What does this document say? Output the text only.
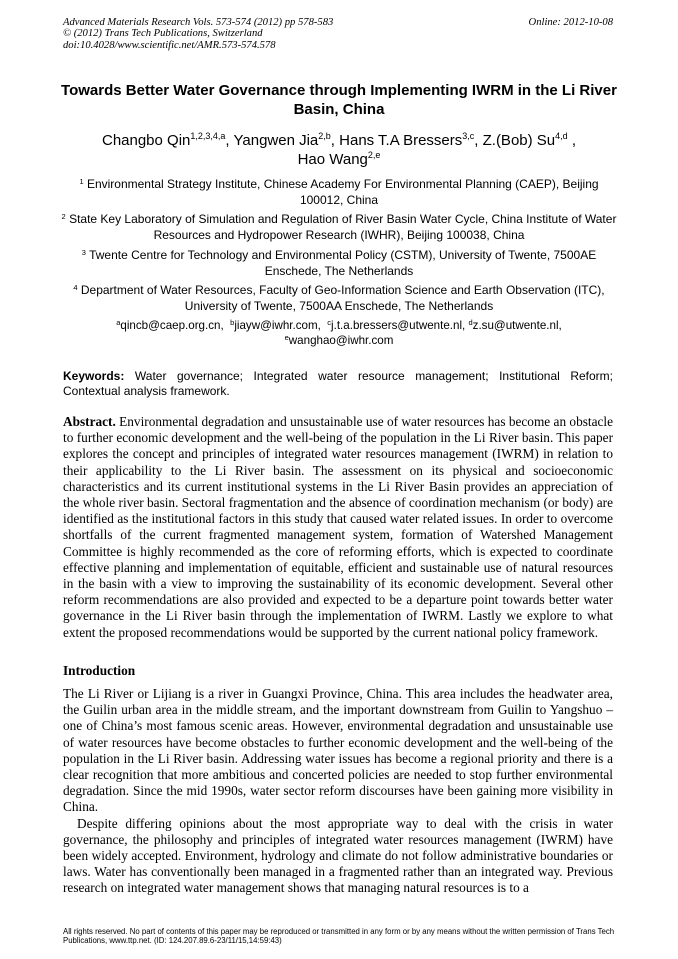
Advanced Materials Research Vols. 573-574 (2012) pp 578-583
© (2012) Trans Tech Publications, Switzerland
doi:10.4028/www.scientific.net/AMR.573-574.578
Online: 2012-10-08
Towards Better Water Governance through Implementing IWRM in the Li River Basin, China
Changbo Qin$^{1,2,3,4,a}$, Yangwen Jia$^{2,b}$, Hans T.A Bressers$^{3,c}$, Z.(Bob) Su$^{4,d}$ ,
Hao Wang$^{2,e}$
$^1$ Environmental Strategy Institute, Chinese Academy For Environmental Planning (CAEP), Beijing 100012, China
$^2$ State Key Laboratory of Simulation and Regulation of River Basin Water Cycle, China Institute of Water Resources and Hydropower Research (IWHR), Beijing 100038, China
$^3$ Twente Centre for Technology and Environmental Policy (CSTM), University of Twente, 7500AE Enschede, The Netherlands
$^4$ Department of Water Resources, Faculty of Geo-Information Science and Earth Observation (ITC), University of Twente, 7500AA Enschede, The Netherlands
$^a$qincb@caep.org.cn, $^b$jiayw@iwhr.com, $^c$j.t.a.bressers@utwente.nl, $^d$z.su@utwente.nl,
$^e$wanghao@iwhr.com
Keywords: Water governance; Integrated water resource management; Institutional Reform; Contextual analysis framework.
Abstract. Environmental degradation and unsustainable use of water resources has become an obstacle to further economic development and the well-being of the population in the Li River basin. This paper explores the concept and principles of integrated water resources management (IWRM) in relation to their applicability to the Li River basin. The assessment on its physical and socioeconomic characteristics and its current institutional systems in the Li River Basin provides an appreciation of the whole river basin. Sectoral fragmentation and the absence of coordination mechanism (or body) are identified as the institutional factors in this study that caused water related issues. In order to overcome shortfalls of the current fragmented management system, formation of Watershed Management Committee is highly recommended as the core of reforming efforts, which is expected to coordinate effective planning and implementation of equitable, efficient and sustainable use of natural resources in the basin with a view to improving the sustainability of its economic development. Several other reform recommendations are also provided and expected to be a departure point towards better water governance in the Li River basin through the implementation of IWRM. Lastly we explore to what extent the proposed recommendations would be supported by the current national policy framework.
Introduction

The Li River or Lijiang is a river in Guangxi Province, China. This area includes the headwater area, the Guilin urban area in the middle stream, and the important downstream from Guilin to Yangshuo – one of China’s most famous scenic areas. However, environmental degradation and unsustainable use of water resources have become obstacles to further economic development and the well-being of the population in the Li River basin. Addressing water issues has become a regional priority and there is a clear recognition that more ambitious and concerted policies are needed to stop further environmental degradation. Since the mid 1990s, water sector reform discourses have been gaining more visibility in China.

Despite differing opinions about the most appropriate way to deal with the crisis in water governance, the philosophy and principles of integrated water resources management (IWRM) have been widely accepted. Environment, hydrology and climate do not follow administrative boundaries or laws. Water has conventionally been managed in a fragmented rather than an integrated way. Previous research on integrated water management shows that managing natural resources is to a

All rights reserved. No part of contents of this paper may be reproduced or transmitted in any form or by any means without the written permission of Trans Tech Publications, www.ttp.net. (ID: 124.207.89.6-23/11/15,14:59:43)
